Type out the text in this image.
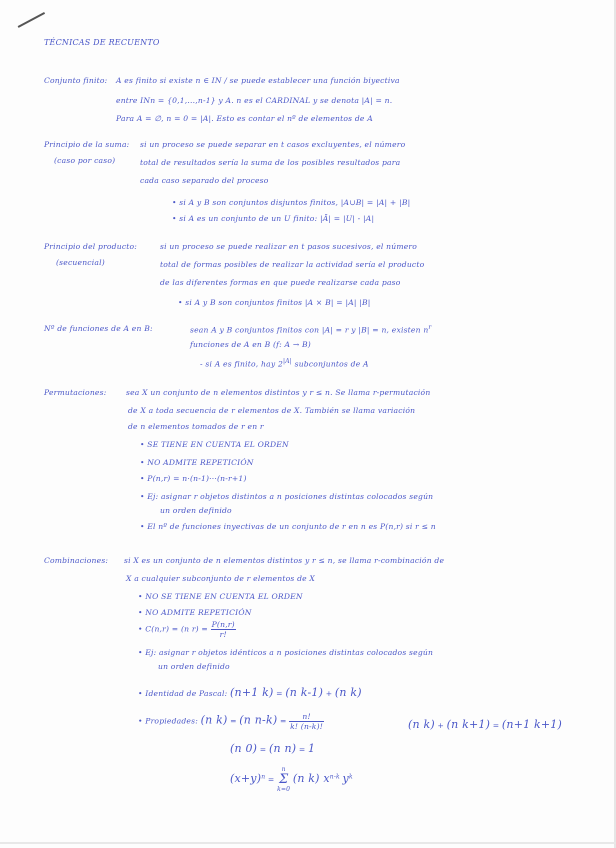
TÉCNICAS DE RECUENTO
Conjunto finito: A es finito si existe n ∈ IN / se puede establecer una función biyectiva
entre INn = {0,1,...,n-1} y A. n es el CARDINAL y se denota |A| = n.
Para A = ∅, n = 0 = |A|. Esto es contar el nº de elementos de A
Principio de la suma:
(caso por caso)
si un proceso se puede separar en t casos excluyentes, el número
total de resultados sería la suma de los posibles resultados para
cada caso separado del proceso
• si A y B son conjuntos disjuntos finitos, |A∪B| = |A| + |B|
• si A es un conjunto de un U finito: |Ā| = |U| - |A|
Principio del producto:
(secuencial)
si un proceso se puede realizar en t pasos sucesivos, el número
total de formas posibles de realizar la actividad sería el producto
de las diferentes formas en que puede realizarse cada paso
• si A y B son conjuntos finitos |A × B| = |A| |B|
Nº de funciones de A en B:	sean A y B conjuntos finitos con |A| = r y |B| = n, existen $n^r$
funciones de A en B (f: A → B)
- si A es finito, hay $2^{|A|}$ subconjuntos de A
Permutaciones:	sea X un conjunto de n elementos distintos y r ≤ n. Se llama r-permutación
de X a toda secuencia de r elementos de X. También se llama variación
de n elementos tomados de r en r
• SE TIENE EN CUENTA EL ORDEN
• NO ADMITE REPETICIÓN
• P(n,r) = n·(n-1)···(n-r+1)
• Ej: asignar r objetos distintos a n posiciones distintas colocados según
un orden definido
• El nº de funciones inyectivas de un conjunto de r en n es P(n,r) si r ≤ n
Combinaciones: si X es un conjunto de n elementos distintos y r ≤ n, se llama r-combinación de
X a cualquier subconjunto de r elementos de X
• NO SE TIENE EN CUENTA EL ORDEN
• NO ADMITE REPETICIÓN
• C(n,r) = (n $r) = \frac{P(n,r)}{r!}$
• Ej: asignar r objetos idénticos a n posiciones distintas colocados según
un orden definido
• Identidad de Pascal: (n+1 k) = (n k-1) + (n k)
• Propiedades: (n k) = (n $n-k) = \frac{n!}{k! (n-k)!}$	(n k) + (n k+1) = (n+1 k+1)
(n 0) = (n n) = 1
$(x+y)^n$ =
n
Σ
k=0
(n k) $x^{n-k}$ $y^k$
